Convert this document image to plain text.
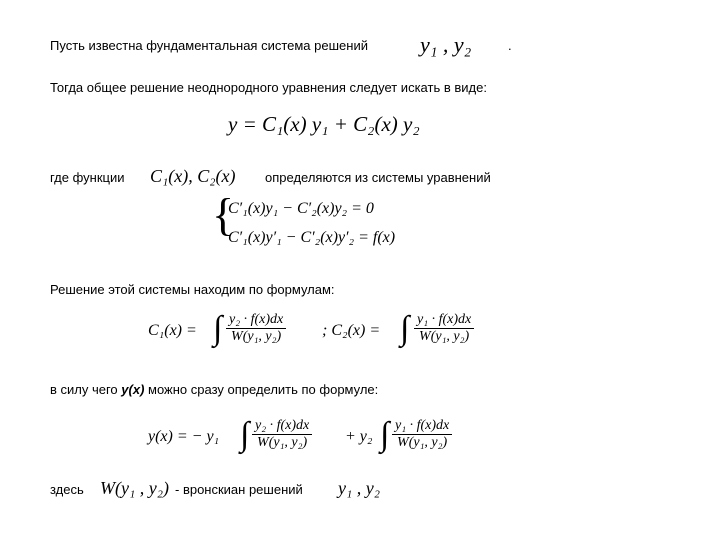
Пусть известна фундаментальная система решений y₁ , y₂	.
Тогда общее решение неоднородного уравнения следует искать в виде:
y = C₁(x) y₁ + C₂(x) y₂
где функции C₁(x), C₂(x) определяются из системы уравнений
{
C′₁(x)y₁ − C′₂(x)y₂ = 0
C′₁(x)y′₁ − C′₂(x)y′₂ = f(x)
Решение этой системы находим по формулам:
C₁(x) = ∫ $\frac{\text{y₂ · f(x)dx}}{\text{W(y₁, y₂)}}$ ; C₂(x) = ∫ $\frac{\text{y₁ · f(x)dx}}{\text{W(y₁, y₂)}}$
в силу чего y(x) можно сразу определить по формуле:
y(x) = − y₁ ∫ $\frac{\text{y₂ · f(x)dx}}{\text{W(y₁, y₂)}} + y_2$ ∫ $\frac{\text{y₁ · f(x)dx}}{\text{W(y₁, y₂)}}$
здесь W(y₁ , y₂) - вронскиан решений y₁ , y₂
